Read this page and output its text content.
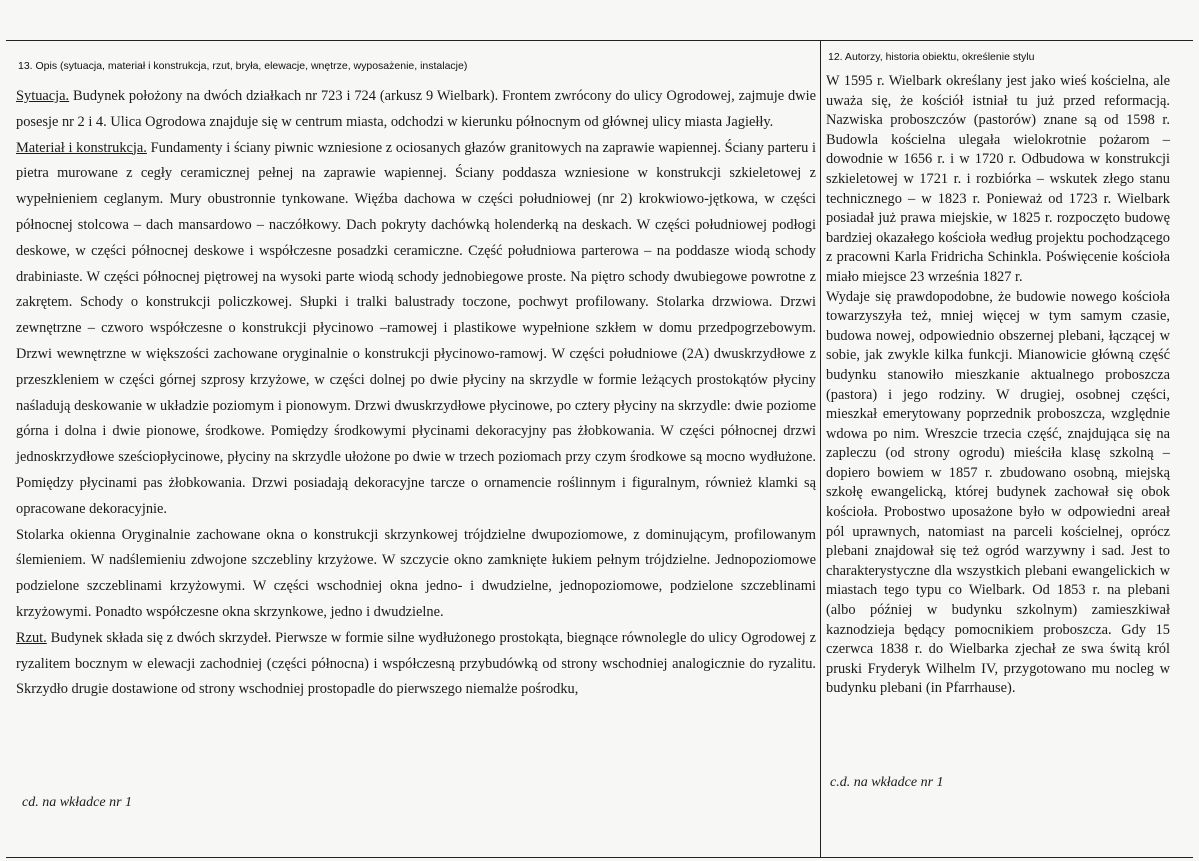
13. Opis (sytuacja, materiał i konstrukcja, rzut, bryła, elewacje, wnętrze, wyposażenie, instalacje)
12. Autorzy, historia obiektu, określenie stylu

Sytuacja. Budynek położony na dwóch działkach nr 723 i 724 (arkusz 9 Wielbark). Frontem zwrócony do ulicy Ogrodowej, zajmuje dwie posesje nr 2 i 4. Ulica Ogrodowa znajduje się w centrum miasta, odchodzi w kierunku północnym od głównej ulicy miasta Jagiełły.

Materiał i konstrukcja. Fundamenty i ściany piwnic wzniesione z ociosanych głazów granitowych na zaprawie wapiennej. Ściany parteru i pietra murowane z cegły ceramicznej pełnej na zaprawie wapiennej. Ściany poddasza wzniesione w konstrukcji szkieletowej z wypełnieniem ceglanym. Mury obustronnie tynkowane. Więźba dachowa w części południowej (nr 2) krokwiowo-jętkowa, w części północnej stolcowa – dach mansardowo – naczółkowy. Dach pokryty dachówką holenderką na deskach. W części południowej podłogi deskowe, w części północnej deskowe i współczesne posadzki ceramiczne. Część południowa parterowa – na poddasze wiodą schody drabiniaste. W części północnej piętrowej na wysoki parte wiodą schody jednobiegowe proste. Na piętro schody dwubiegowe powrotne z zakrętem. Schody o konstrukcji policzkowej. Słupki i tralki balustrady toczone, pochwyt profilowany. Stolarka drzwiowa. Drzwi zewnętrzne – czworo współczesne o konstrukcji płycinowo –ramowej i plastikowe wypełnione szkłem w domu przedpogrzebowym. Drzwi wewnętrzne w większości zachowane oryginalnie o konstrukcji płycinowo-ramowj. W części południowe (2A) dwuskrzydłowe z przeszkleniem w części górnej szprosy krzyżowe, w części dolnej po dwie płyciny na skrzydle w formie leżących prostokątów płyciny naśladują deskowanie w układzie poziomym i pionowym. Drzwi dwuskrzydłowe płycinowe, po cztery płyciny na skrzydle: dwie poziome górna i dolna i dwie pionowe, środkowe. Pomiędzy środkowymi płycinami dekoracyjny pas żłobkowania. W części północnej drzwi jednoskrzydłowe sześciopłycinowe, płyciny na skrzydle ułożone po dwie w trzech poziomach przy czym środkowe są mocno wydłużone. Pomiędzy płycinami pas żłobkowania. Drzwi posiadają dekoracyjne tarcze o ornamencie roślinnym i figuralnym, również klamki są opracowane dekoracyjnie.

Stolarka okienna Oryginalnie zachowane okna o konstrukcji skrzynkowej trójdzielne dwupoziomowe, z dominującym, profilowanym ślemieniem. W nadślemieniu zdwojone szczebliny krzyżowe. W szczycie okno zamknięte łukiem pełnym trójdzielne. Jednopoziomowe podzielone szczeblinami krzyżowymi. W części wschodniej okna jedno- i dwudzielne, jednopoziomowe, podzielone szczeblinami krzyżowymi. Ponadto współczesne okna skrzynkowe, jedno i dwudzielne.

Rzut. Budynek składa się z dwóch skrzydeł. Pierwsze w formie silne wydłużonego prostokąta, biegnące równolegle do ulicy Ogrodowej z ryzalitem bocznym w elewacji zachodniej (części północna) i współczesną przybudówką od strony wschodniej analogicznie do ryzalitu. Skrzydło drugie dostawione od strony wschodniej prostopadle do pierwszego niemalże pośrodku,

W 1595 r. Wielbark określany jest jako wieś kościelna, ale uważa się, że kościół istniał tu już przed reformacją. Nazwiska proboszczów (pastorów) znane są od 1598 r. Budowla kościelna ulegała wielokrotnie pożarom – dowodnie w 1656 r. i w 1720 r. Odbudowa w konstrukcji szkieletowej w 1721 r. i rozbiórka – wskutek złego stanu technicznego – w 1823 r. Ponieważ od 1723 r. Wielbark posiadał już prawa miejskie, w 1825 r. rozpoczęto budowę bardziej okazałego kościoła według projektu pochodzącego z pracowni Karla Fridricha Schinkla. Poświęcenie kościoła miało miejsce 23 września 1827 r.

Wydaje się prawdopodobne, że budowie nowego kościoła towarzyszyła też, mniej więcej w tym samym czasie, budowa nowej, odpowiednio obszernej plebani, łączącej w sobie, jak zwykle kilka funkcji. Mianowicie główną część budynku stanowiło mieszkanie aktualnego proboszcza (pastora) i jego rodziny. W drugiej, osobnej części, mieszkał emerytowany poprzednik proboszcza, względnie wdowa po nim. Wreszcie trzecia część, znajdująca się na zapleczu (od strony ogrodu) mieściła klasę szkolną – dopiero bowiem w 1857 r. zbudowano osobną, miejską szkołę ewangelicką, której budynek zachował się obok kościoła. Probostwo uposażone było w odpowiedni areał pól uprawnych, natomiast na parceli kościelnej, oprócz plebani znajdował się też ogród warzywny i sad. Jest to charakterystyczne dla wszystkich plebani ewangelickich w miastach tego typu co Wielbark. Od 1853 r. na plebani (albo później w budynku szkolnym) zamieszkiwał kaznodzieja będący pomocnikiem proboszcza. Gdy 15 czerwca 1838 r. do Wielbarka zjechał ze swa świtą król pruski Fryderyk Wilhelm IV, przygotowano mu nocleg w budynku plebani (in Pfarrhause).

cd. na wkładce nr 1
c.d. na wkładce nr 1
